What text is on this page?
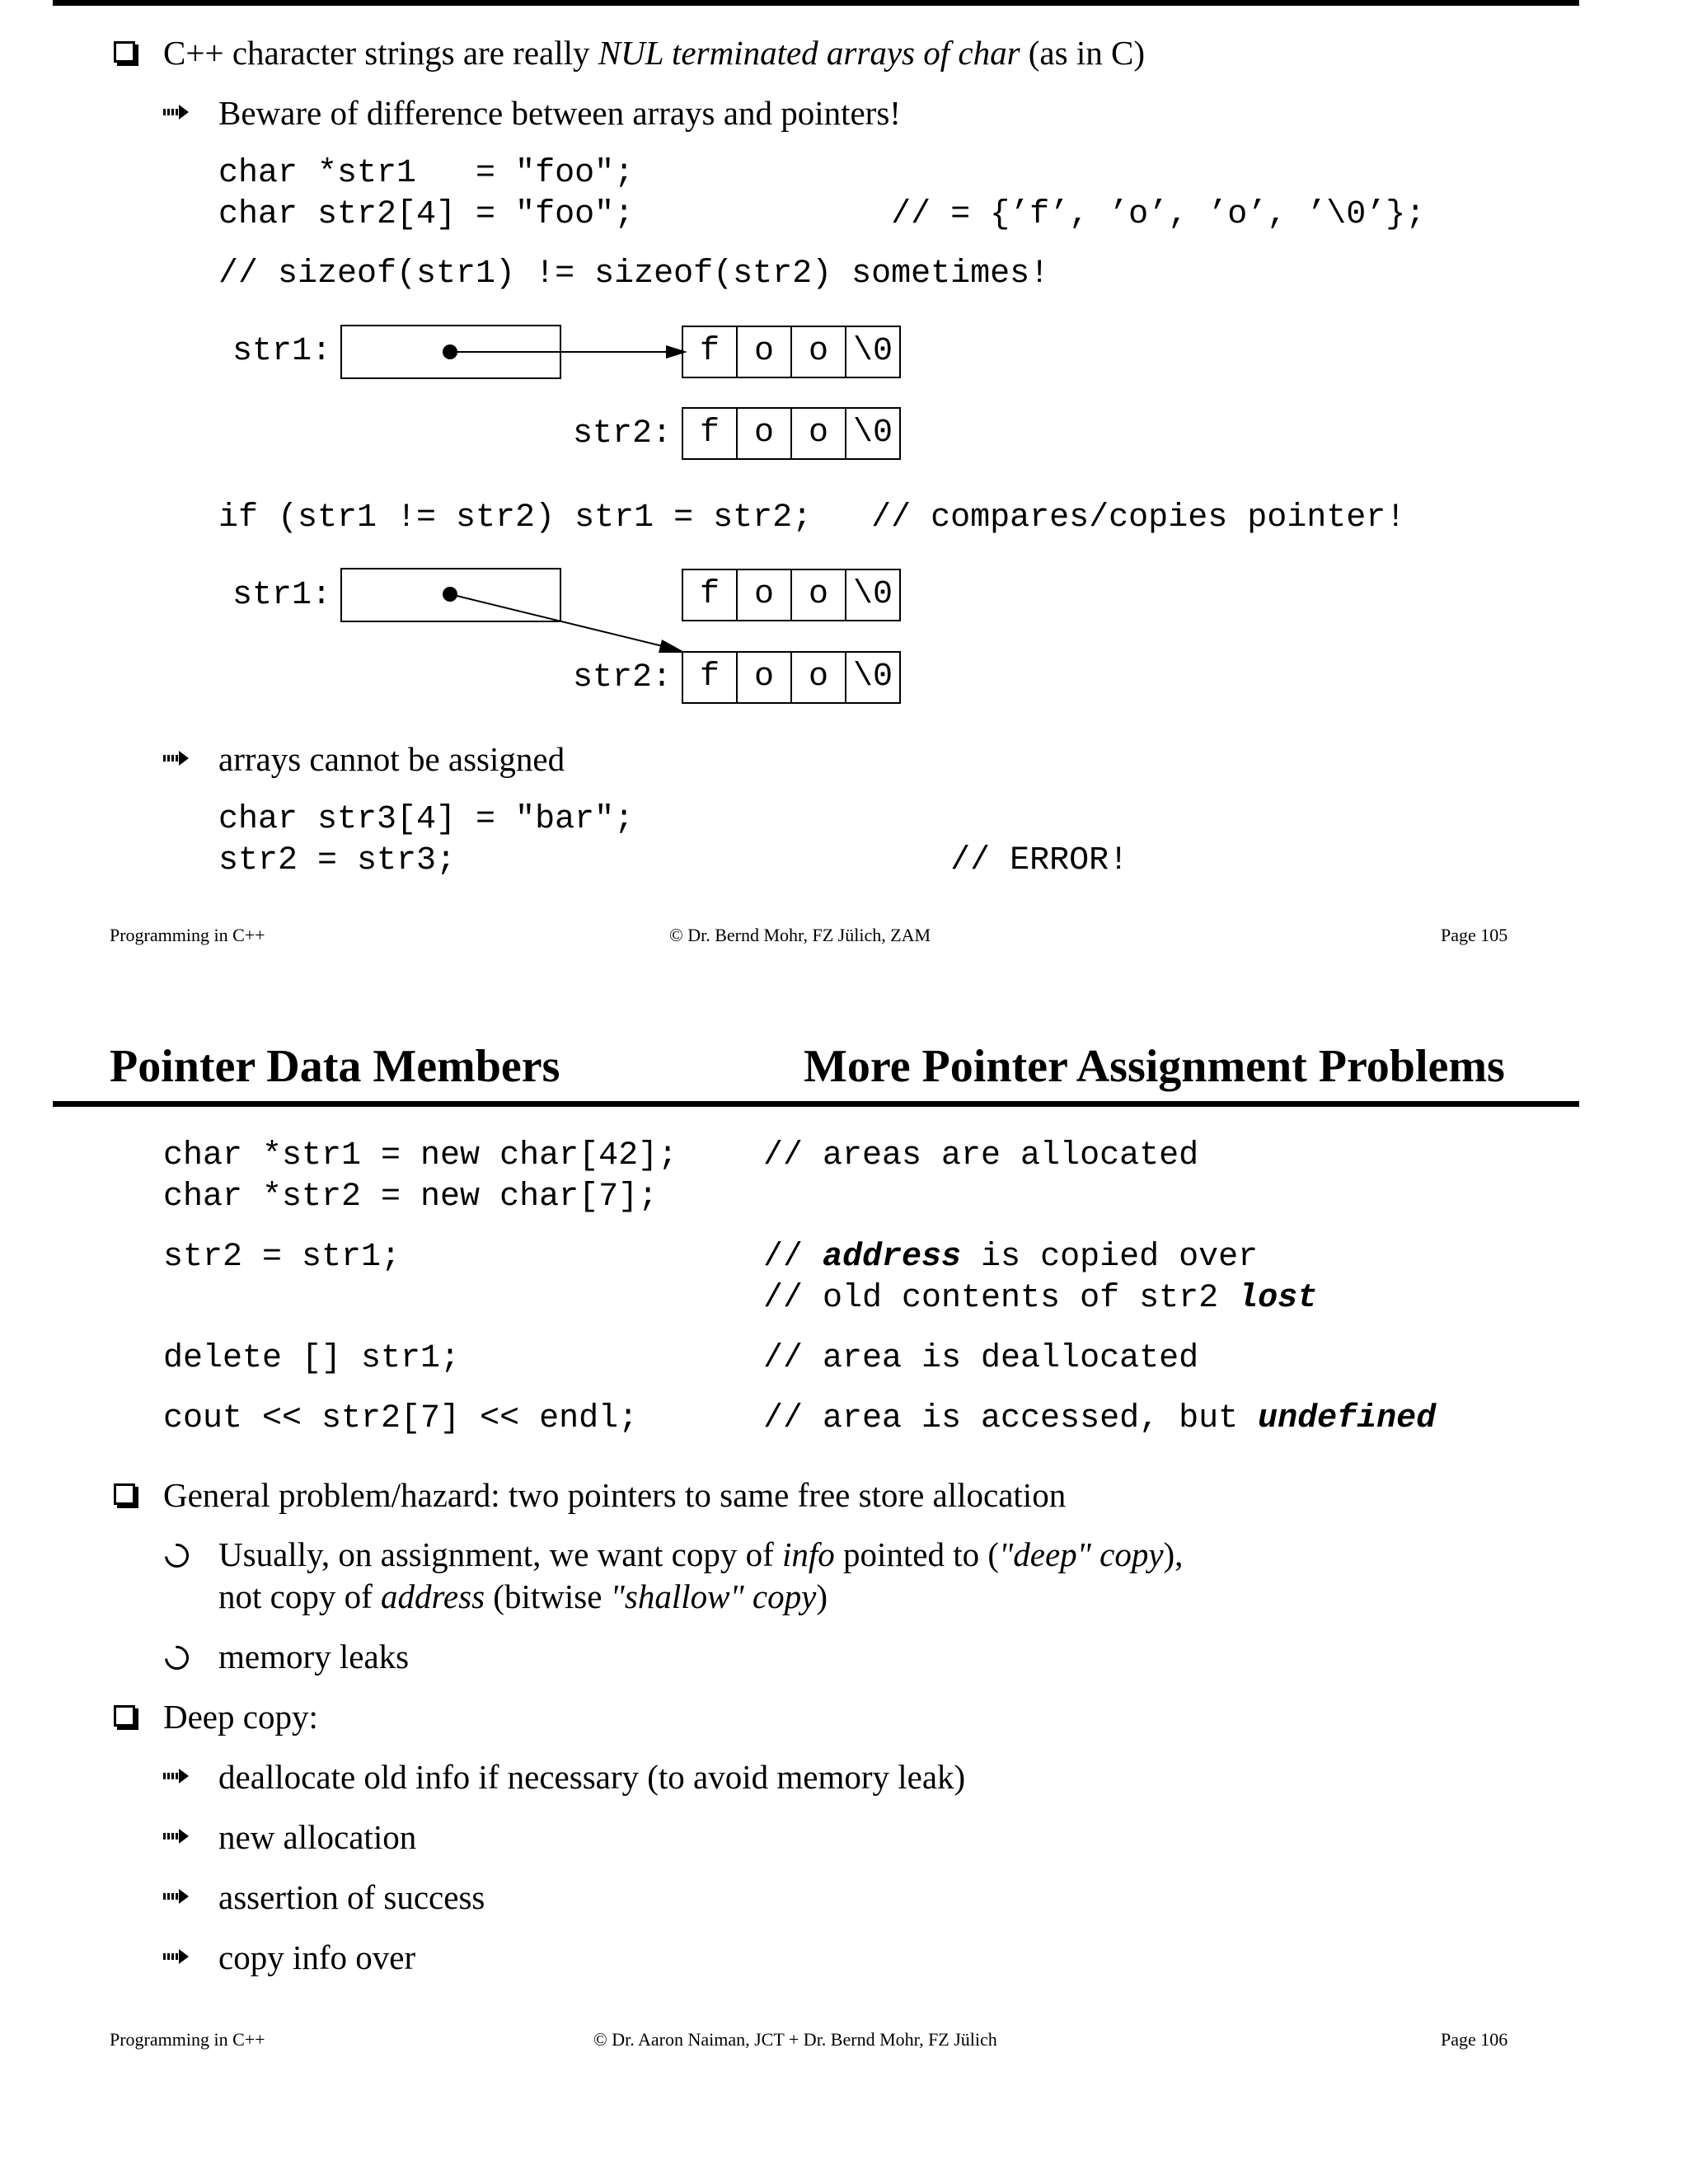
C++ character strings are really NUL terminated arrays of char (as in C)
Beware of difference between arrays and pointers!
char *str1   = "foo";
char str2[4] = "foo";             // = {’f’, ’o’, ’o’, ’\0’};
// sizeof(str1) != sizeof(str2) sometimes!
str1:	f	o	o \0
str2: f	o	o \0
if (str1 != str2) str1 = str2;   // compares/copies pointer!
str1:	f	o	o \0
str2: f	o	o \0
arrays cannot be assigned
char str3[4] = "bar";
str2 = str3;                         // ERROR!
Programming in C++	© Dr. Bernd Mohr, FZ Jülich, ZAM	Page 105
Pointer Data Members	More Pointer Assignment Problems
char *str1 = new char[42];	// areas are allocated
char *str2 = new char[7];
str2 = str1;	// address is copied over
// old contents of str2 lost
delete [] str1;	// area is deallocated
cout << str2[7] << endl;	// area is accessed, but undefined
General problem/hazard: two pointers to same free store allocation
Usually, on assignment, we want copy of info pointed to ("deep" copy),
not copy of address (bitwise "shallow" copy)
memory leaks
Deep copy:
deallocate old info if necessary (to avoid memory leak)
new allocation
assertion of success
copy info over
Programming in C++	© Dr. Aaron Naiman, JCT + Dr. Bernd Mohr, FZ Jülich	Page 106
